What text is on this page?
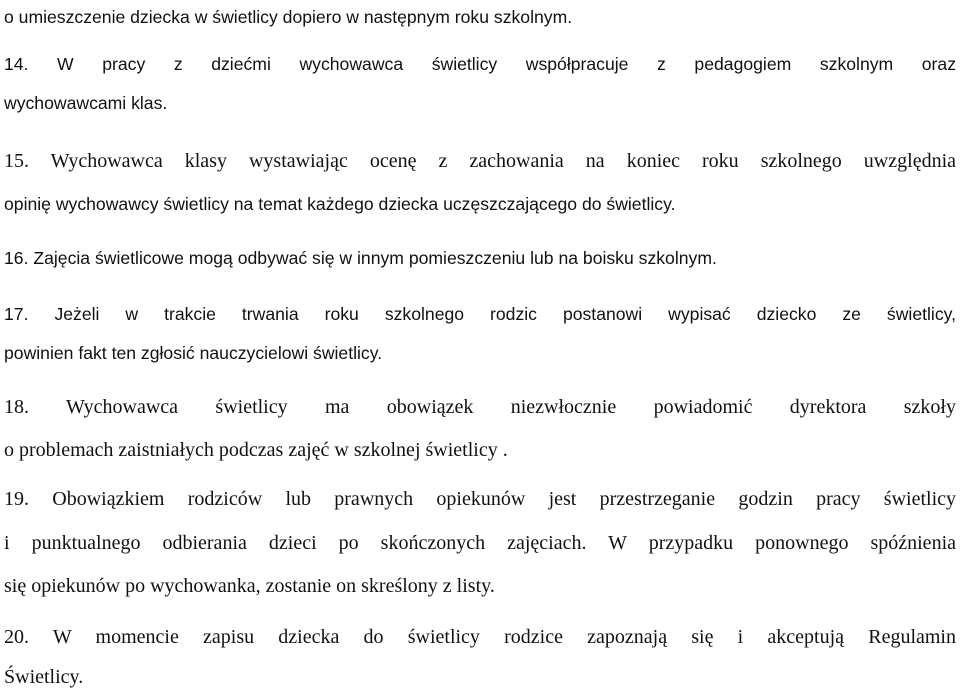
o umieszczenie dziecka w świetlicy dopiero w następnym roku szkolnym.
14. W pracy z dziećmi wychowawca świetlicy współpracuje z pedagogiem szkolnym oraz
wychowawcami klas.
15. Wychowawca klasy wystawiając ocenę z zachowania na koniec roku szkolnego uwzględnia
opinię wychowawcy świetlicy na temat każdego dziecka uczęszczającego do świetlicy.
16. Zajęcia świetlicowe mogą odbywać się w innym pomieszczeniu lub na boisku szkolnym.
17. Jeżeli w trakcie trwania roku szkolnego rodzic postanowi wypisać dziecko ze świetlicy,
powinien fakt ten zgłosić nauczycielowi świetlicy.
18. Wychowawca świetlicy ma obowiązek niezwłocznie powiadomić dyrektora szkoły
o problemach zaistniałych podczas zajęć w szkolnej świetlicy .
19. Obowiązkiem rodziców lub prawnych opiekunów jest przestrzeganie godzin pracy świetlicy
i punktualnego odbierania dzieci po skończonych zajęciach. W przypadku ponownego spóźnienia
się opiekunów po wychowanka, zostanie on skreślony z listy.
20. W momencie zapisu dziecka do świetlicy rodzice zapoznają się i akceptują Regulamin
Świetlicy.
